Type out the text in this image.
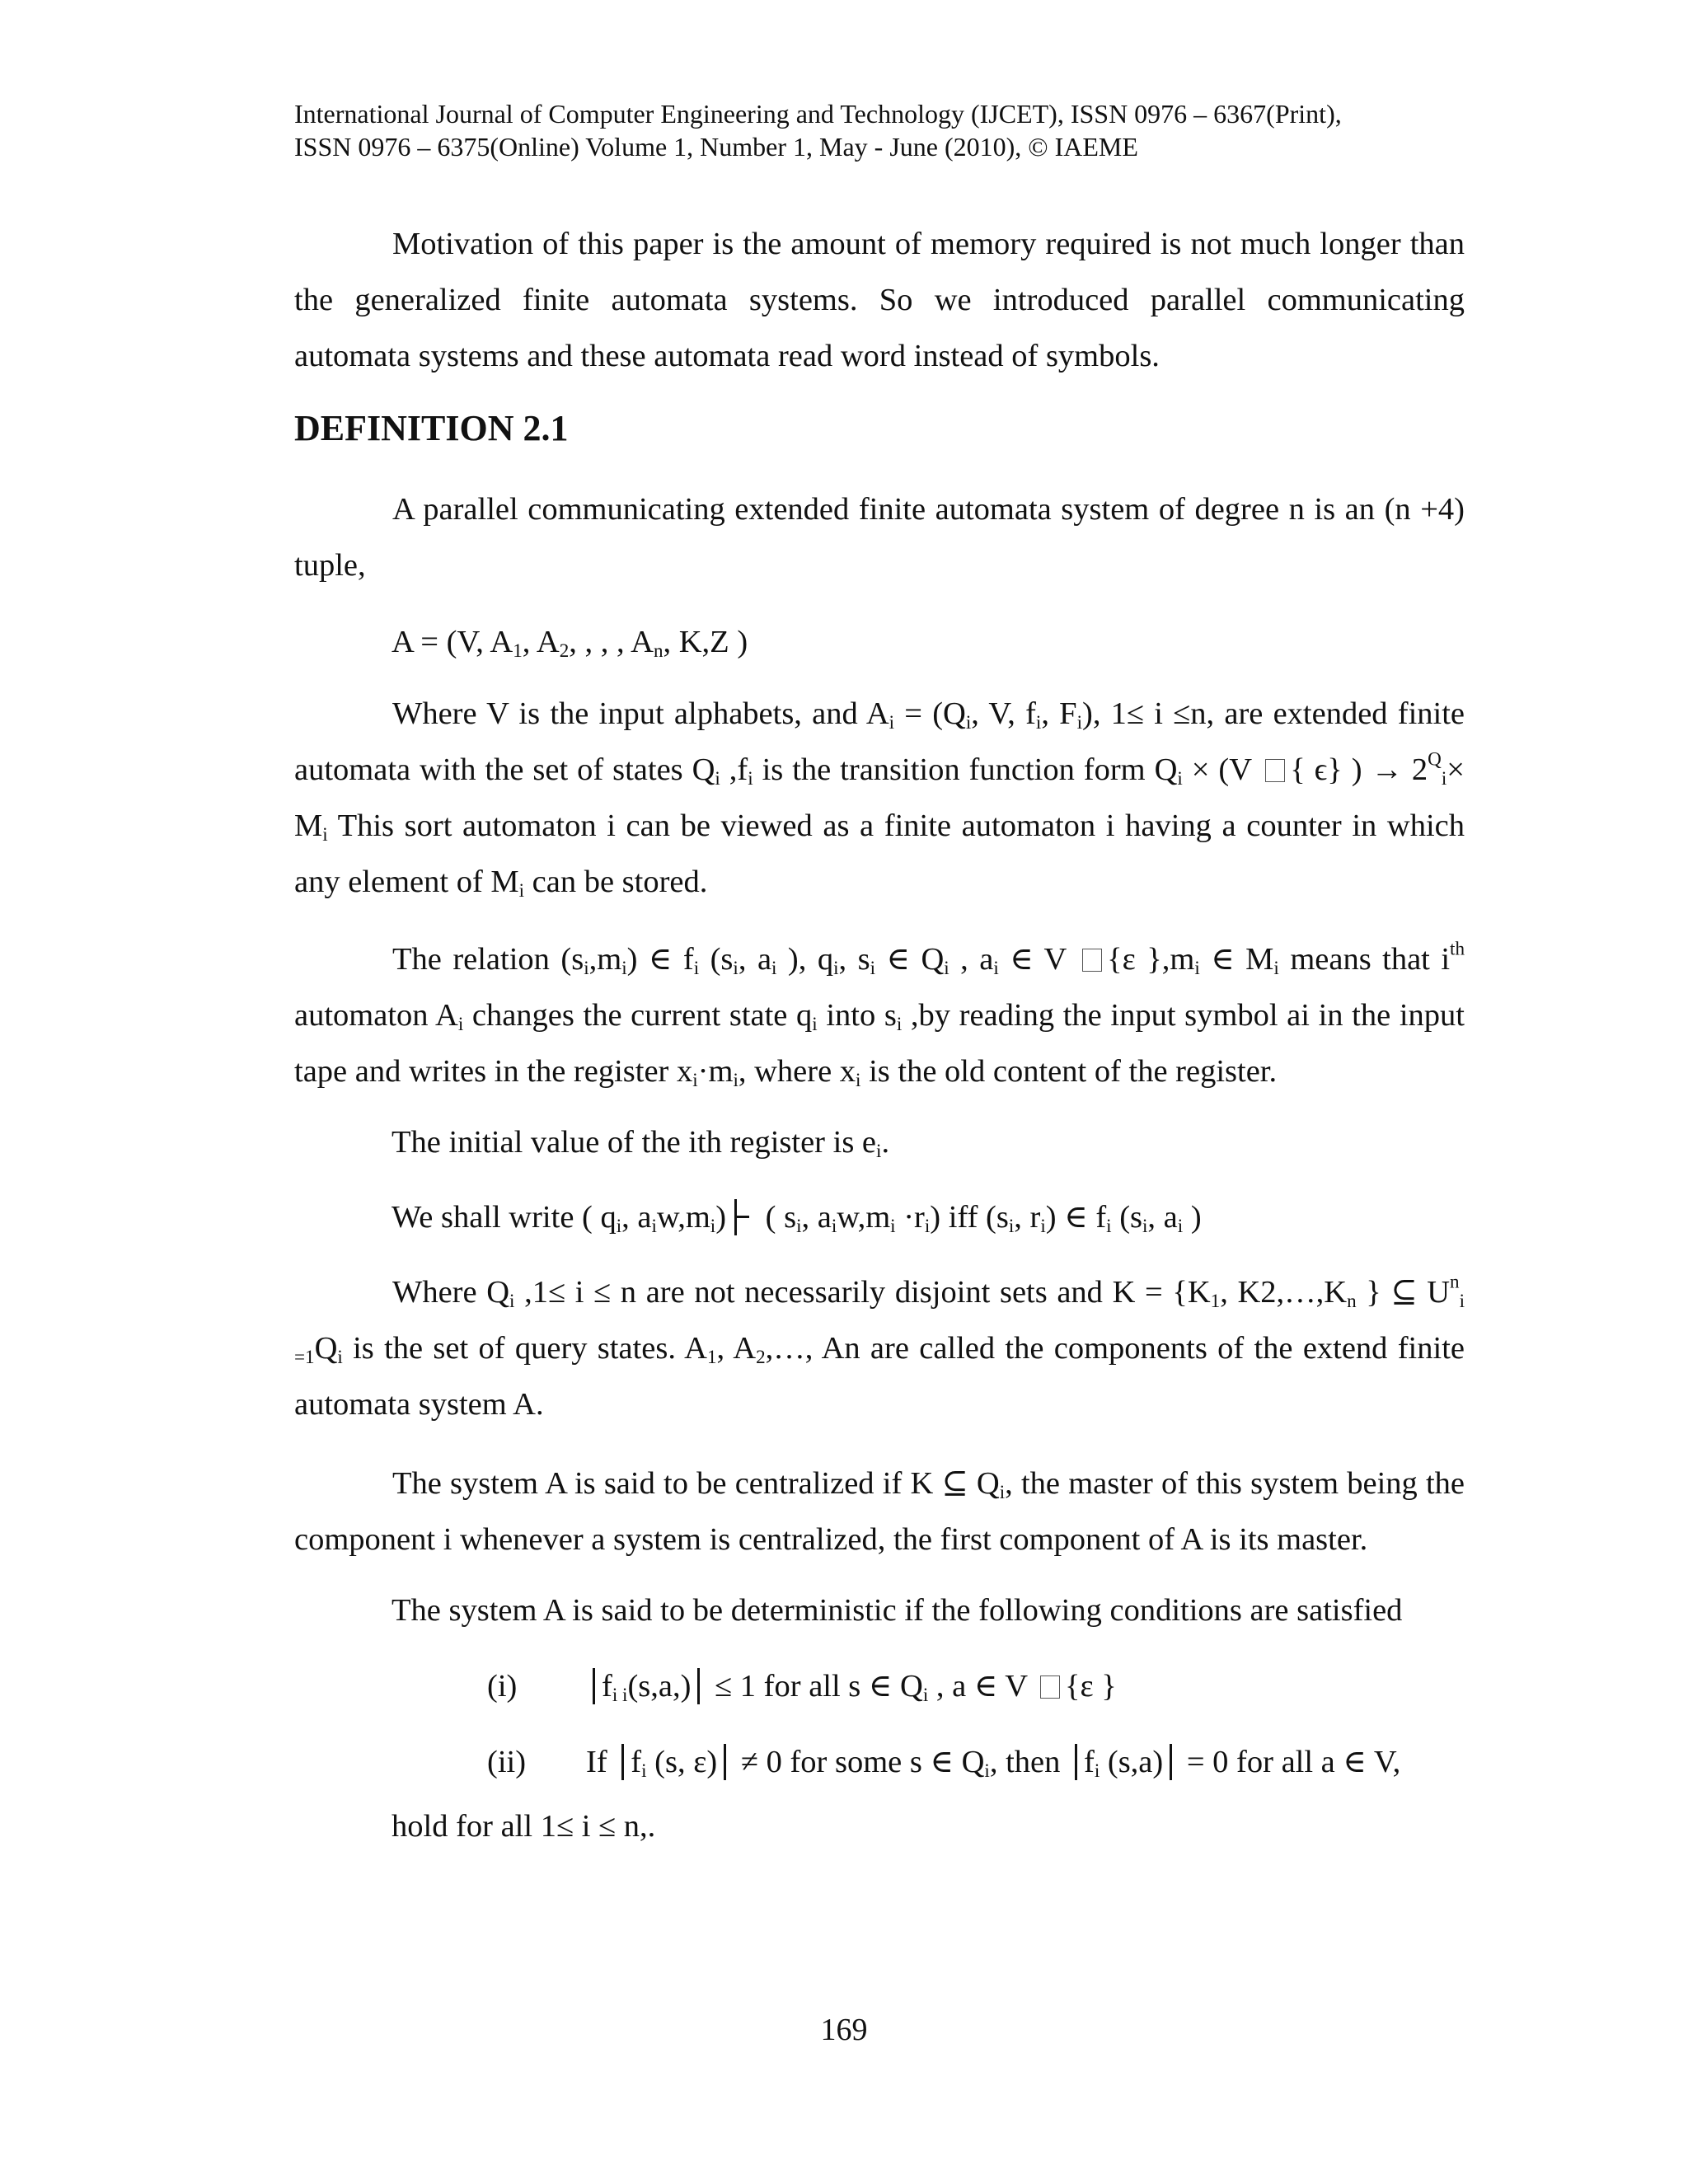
International Journal of Computer Engineering and Technology (IJCET), ISSN 0976 – 6367(Print),
ISSN 0976 – 6375(Online) Volume 1, Number 1, May - June (2010), © IAEME
Motivation of this paper is the amount of memory required is not much longer than the generalized finite automata systems. So we introduced parallel communicating automata systems and these automata read word instead of symbols.
DEFINITION 2.1
A parallel communicating extended finite automata system of degree n is an (n +4) tuple,
A = (V, $A_1$, $A_2$, , , , $A_n$, K,Z )
Where V is the input alphabets, and $A_i = (Q_i$, V, $f_i$, $F_i$), 1≤ i ≤n, are extended finite automata with the set of states $Q_i$ $,f_i$ is the transition function form $Q_i \times (V$ { ϵ} ) → $2^Q_i\times M_i$ This sort automaton i can be viewed as a finite automaton i having a counter in which any element of $M_i$ can be stored.
The relation $(s_i,m_i)$ ∈ $f_i$ ($s_i$, $a_i$ ), $q_i$, $s_i$ ∈ $Q_i$ , $a_i$ ∈ V {ε }$,m_i$ ∈ $M_i$ means that $i^{th}$ automaton $A_i$ changes the current state $q_i$ into $s_i$ ,by reading the input symbol ai in the input tape and writes in the register $x_i\cdot m_i$, where $x_i$ is the old content of the register.
The initial value of the ith register is $e_i$.
We shall write ( $q_i$, $a_iw,m_i$) ( $s_i$, $a_iw,m_i \cdot r_i$) iff ($s_i$, $r_i$) ∈ $f_i$ ($s_i$, $a_i$ )
Where $Q_i$ ,1≤ i ≤ n are not necessarily disjoint sets and $K = \{K_1$, $K2,\dots,K_n$ } ⊆ $U^n_{i =1}Q_i$ is the set of query states. $A_1$, $A_2,\dots$, An are called the components of the extend finite automata system A.
The system A is said to be centralized if K ⊆ $Q_i$, the master of this system being the component i whenever a system is centralized, the first component of A is its master.
The system A is said to be deterministic if the following conditions are satisfied
(i)	$f_i$ $_i$(s,a,) ≤ 1 for all s ∈ $Q_i$ , a ∈ V {ε }
(ii) If $f_i$ (s, ε) ≠ 0 for some s ∈ $Q_i$, then $f_i$ (s,a) = 0 for all a ∈ V,
hold for all 1≤ i ≤ n,.
169
